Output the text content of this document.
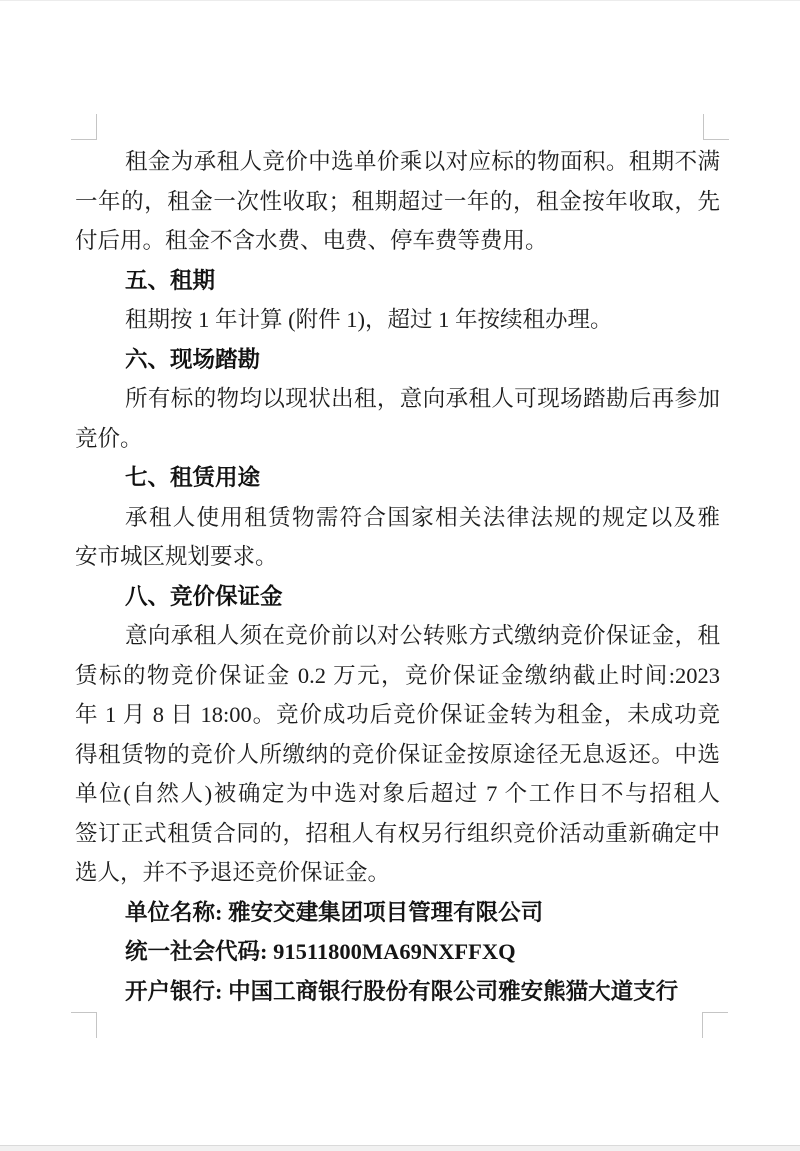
租金为承租人竞价中选单价乘以对应标的物面积。租期不满
一年的，租金一次性收取；租期超过一年的，租金按年收取，先
付后用。租金不含水费、电费、停车费等费用。
五、租期
租期按 1 年计算 (附件 1)，超过 1 年按续租办理。
六、现场踏勘
所有标的物均以现状出租，意向承租人可现场踏勘后再参加
竞价。
七、租赁用途
承租人使用租赁物需符合国家相关法律法规的规定以及雅
安市城区规划要求。
八、竞价保证金
意向承租人须在竞价前以对公转账方式缴纳竞价保证金，租
赁标的物竞价保证金 0.2 万元，竞价保证金缴纳截止时间:2023
年 1 月 8 日 18:00。竞价成功后竞价保证金转为租金，未成功竞
得租赁物的竞价人所缴纳的竞价保证金按原途径无息返还。中选
单位(自然人)被确定为中选对象后超过 7 个工作日不与招租人
签订正式租赁合同的，招租人有权另行组织竞价活动重新确定中
选人，并不予退还竞价保证金。
单位名称: 雅安交建集团项目管理有限公司
统一社会代码: 91511800MA69NXFFXQ
开户银行: 中国工商银行股份有限公司雅安熊猫大道支行
